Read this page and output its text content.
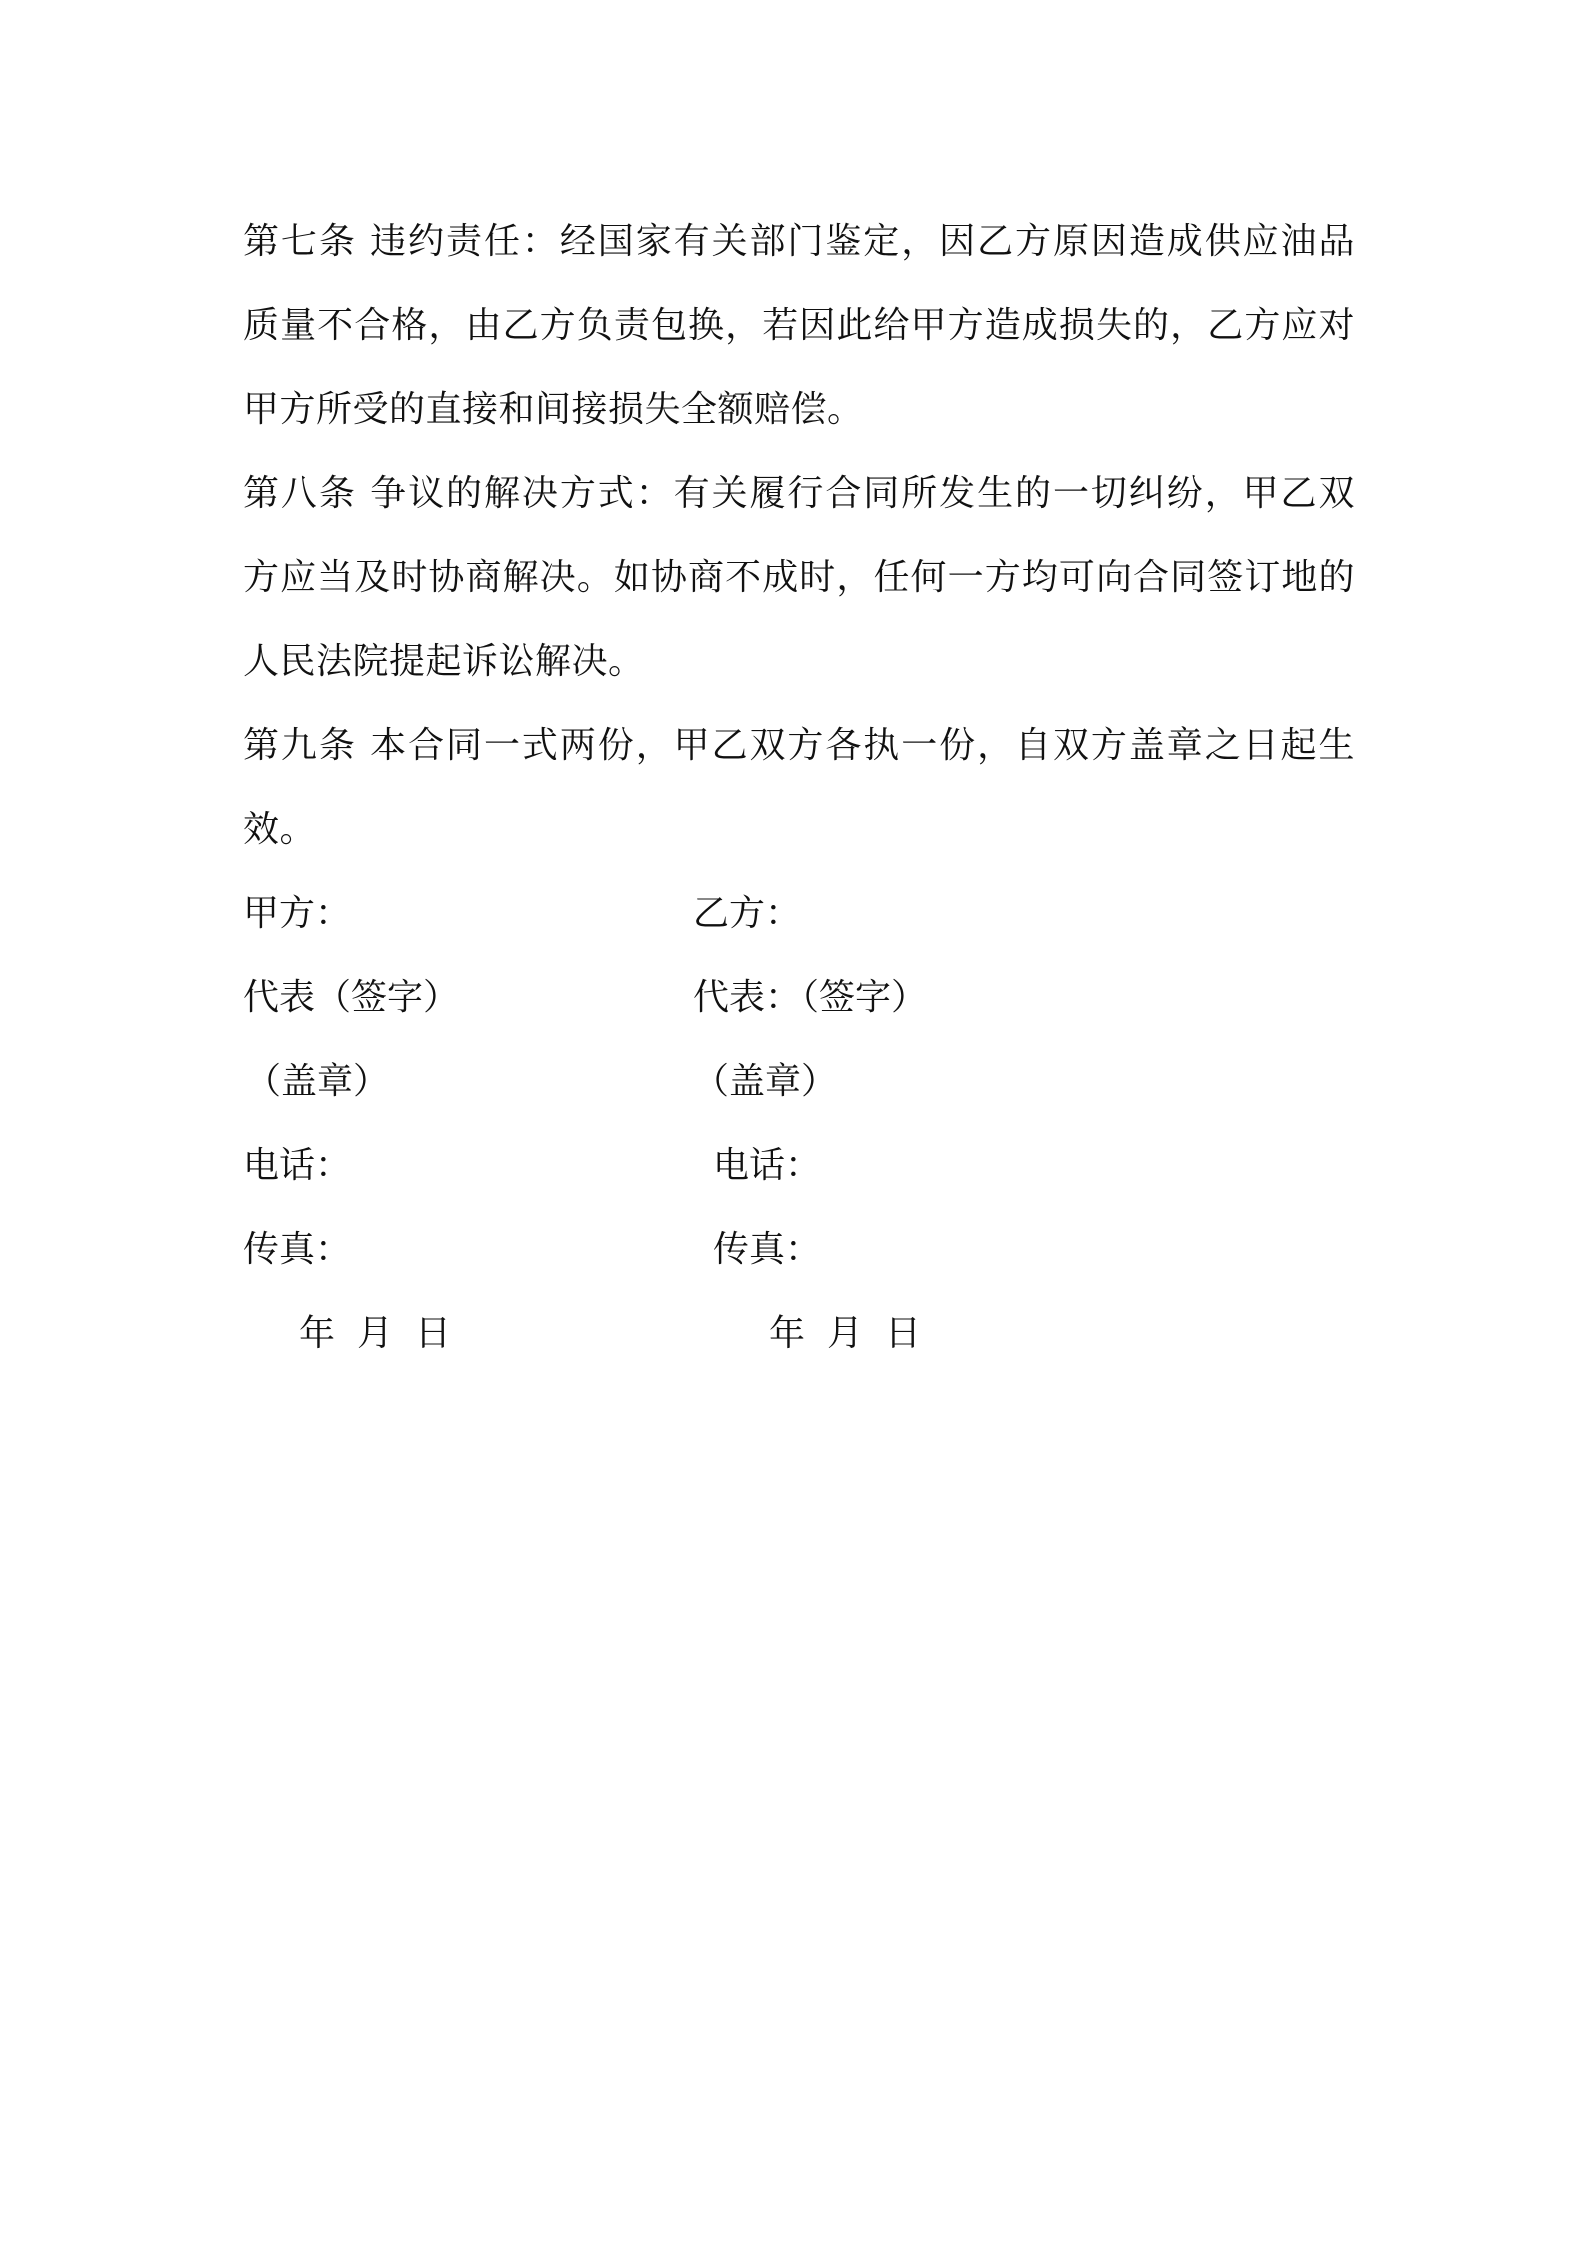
第七条 违约责任：经国家有关部门鉴定，因乙方原因造成供应油品
质量不合格，由乙方负责包换，若因此给甲方造成损失的，乙方应对
甲方所受的直接和间接损失全额赔偿。
第八条 争议的解决方式：有关履行合同所发生的一切纠纷，甲乙双
方应当及时协商解决。如协商不成时，任何一方均可向合同签订地的
人民法院提起诉讼解决。
第九条 本合同一式两份，甲乙双方各执一份，自双方盖章之日起生
效。
甲方：	乙方：
代表（签字）	代表：（签字）
（盖章）	（盖章）
电话：	电话：
传真：	传真：
年 月 日	年 月 日
